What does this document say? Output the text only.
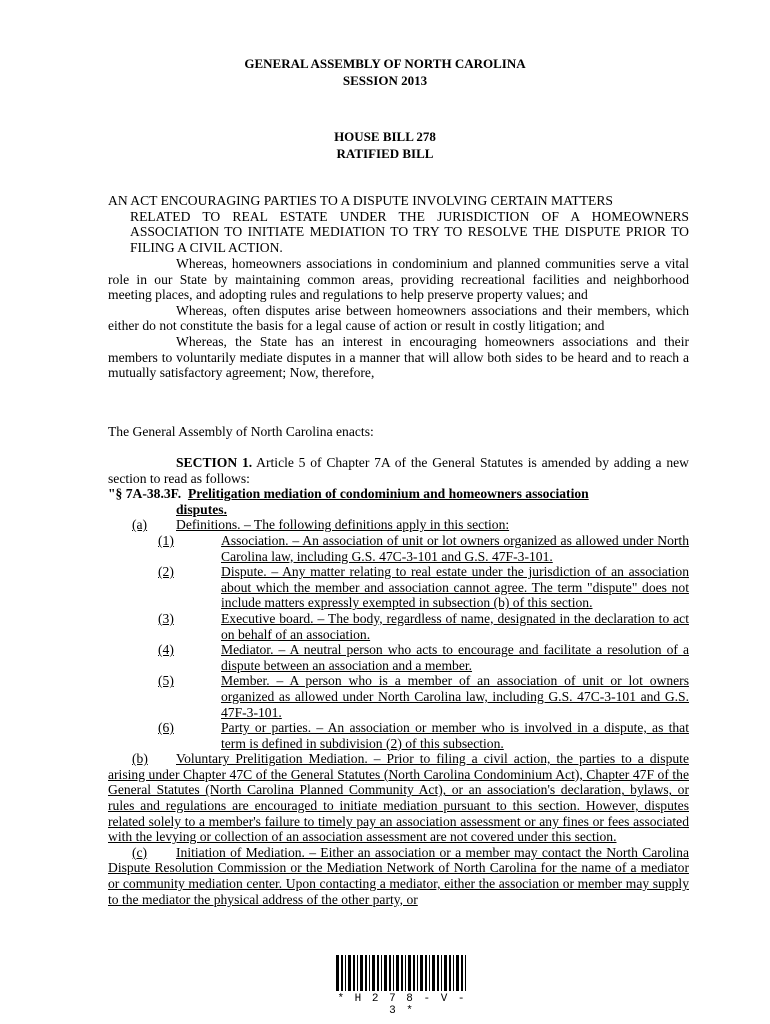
GENERAL ASSEMBLY OF NORTH CAROLINA
SESSION 2013
HOUSE BILL 278
RATIFIED BILL
AN ACT ENCOURAGING PARTIES TO A DISPUTE INVOLVING CERTAIN MATTERS
RELATED TO REAL ESTATE UNDER THE JURISDICTION OF A HOMEOWNERS ASSOCIATION TO INITIATE MEDIATION TO TRY TO RESOLVE THE DISPUTE PRIOR TO FILING A CIVIL ACTION.

Whereas, homeowners associations in condominium and planned communities serve a vital role in our State by maintaining common areas, providing recreational facilities and neighborhood meeting places, and adopting rules and regulations to help preserve property values; and

Whereas, often disputes arise between homeowners associations and their members, which either do not constitute the basis for a legal cause of action or result in costly litigation; and

Whereas, the State has an interest in encouraging homeowners associations and their members to voluntarily mediate disputes in a manner that will allow both sides to be heard and to reach a mutually satisfactory agreement; Now, therefore,

The General Assembly of North Carolina enacts:

SECTION 1. Article 5 of Chapter 7A of the General Statutes is amended by adding a new section to read as follows:

"§ 7A-38.3F. Prelitigation mediation of condominium and homeowners association
disputes.
(a) Definitions. – The following definitions apply in this section:
(1)	Association. – An association of unit or lot owners organized as allowed under North Carolina law, including G.S. 47C-3-101 and G.S. 47F-3-101.
(2)	Dispute. – Any matter relating to real estate under the jurisdiction of an association about which the member and association cannot agree. The term "dispute" does not include matters expressly exempted in subsection (b) of this section.
(3)	Executive board. – The body, regardless of name, designated in the declaration to act on behalf of an association.
(4)	Mediator. – A neutral person who acts to encourage and facilitate a resolution of a dispute between an association and a member.
(5)	Member. – A person who is a member of an association of unit or lot owners organized as allowed under North Carolina law, including G.S. 47C-3-101 and G.S. 47F-3-101.
(6)	Party or parties. – An association or member who is involved in a dispute, as that term is defined in subdivision (2) of this subsection.
(b)	Voluntary Prelitigation Mediation. – Prior to filing a civil action, the parties to a dispute arising under Chapter 47C of the General Statutes (North Carolina Condominium Act), Chapter 47F of the General Statutes (North Carolina Planned Community Act), or an association's declaration, bylaws, or rules and regulations are encouraged to initiate mediation pursuant to this section. However, disputes related solely to a member's failure to timely pay an association assessment or any fines or fees associated with the levying or collection of an association assessment are not covered under this section.
(c)	Initiation of Mediation. – Either an association or a member may contact the North Carolina Dispute Resolution Commission or the Mediation Network of North Carolina for the name of a mediator or community mediation center. Upon contacting a mediator, either the association or member may supply to the mediator the physical address of the other party, or
* H 2 7 8 - V - 3 *
